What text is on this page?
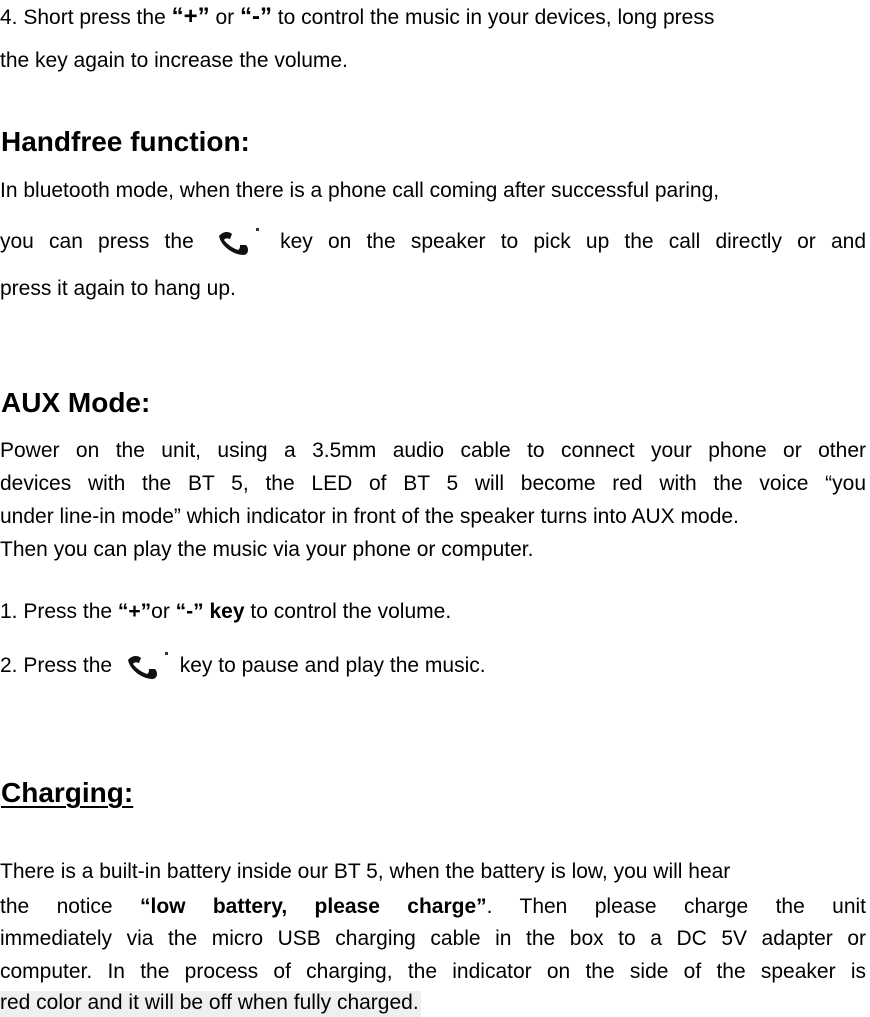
4. Short press the “+” or “-” to control the music in your devices, long press
the key again to increase the volume.
Handfree function:
In bluetooth mode, when there is a phone call coming after successful paring,
you can press the	key on the speaker to pick up the call directly or and
press it again to hang up.
AUX Mode:
Power on the unit, using a 3.5mm audio cable to connect your phone or other
devices with the BT 5, the LED of BT 5 will become red with the voice “you
under line-in mode” which indicator in front of the speaker turns into AUX mode.
Then you can play the music via your phone or computer.
1. Press the “+”or “-” key to control the volume.
2. Press the	key to pause and play the music.
Charging:
There is a built-in battery inside our BT 5, when the battery is low, you will hear
the notice “low battery, please charge”. Then please charge the unit
immediately via the micro USB charging cable in the box to a DC 5V adapter or
computer. In the process of charging, the indicator on the side of the speaker is
red color and it will be off when fully charged.
